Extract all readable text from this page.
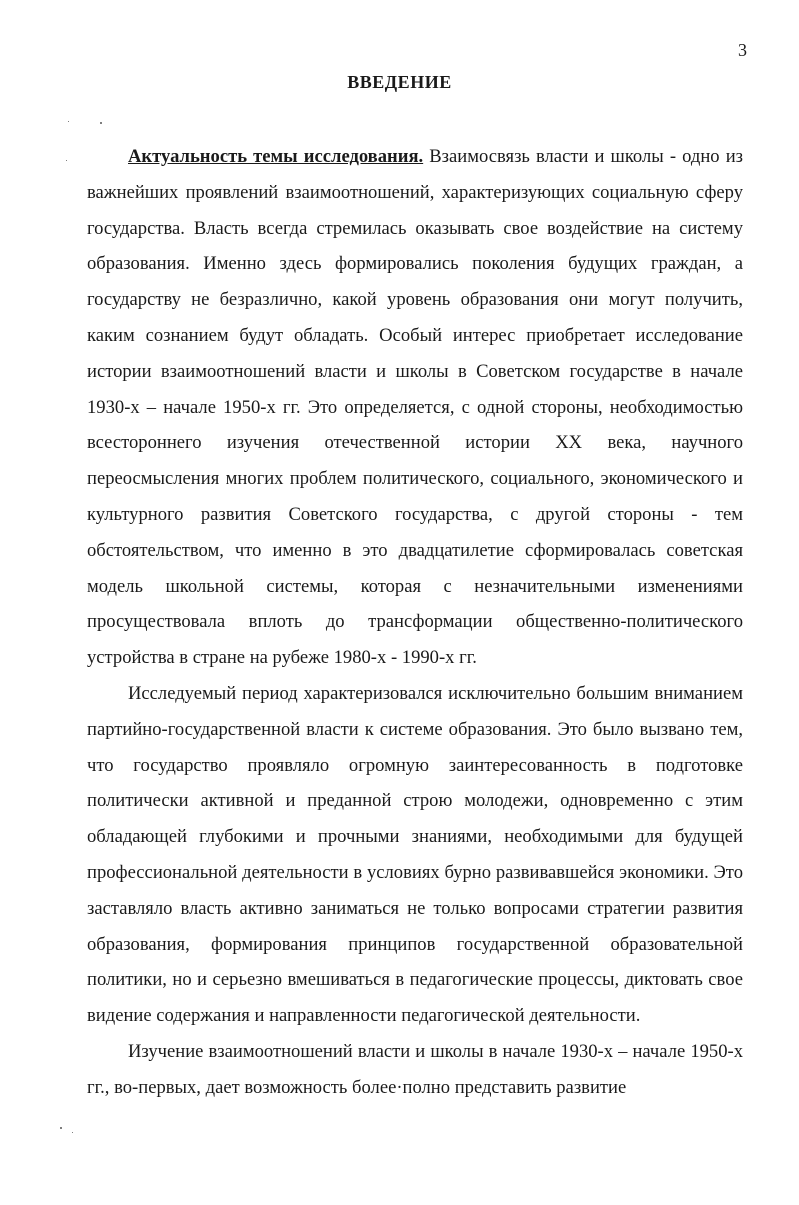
3
ВВЕДЕНИЕ

Актуальность темы исследования. Взаимосвязь власти и школы - одно из важнейших проявлений взаимоотношений, характеризующих социальную сферу государства. Власть всегда стремилась оказывать свое воздействие на систему образования. Именно здесь формировались поколения будущих граждан, а государству не безразлично, какой уровень образования они могут получить, каким сознанием будут обладать. Особый интерес приобретает исследование истории взаимоотношений власти и школы в Советском государстве в начале 1930-х – начале 1950-х гг. Это определяется, с одной стороны, необходимостью всестороннего изучения отечественной истории XX века, научного переосмысления многих проблем политического, социального, экономического и культурного развития Советского государства, с другой стороны - тем обстоятельством, что именно в это двадцатилетие сформировалась советская модель школьной системы, которая с незначительными изменениями просуществовала вплоть до трансформации общественно-политического устройства в стране на рубеже 1980-х - 1990-х гг.

Исследуемый период характеризовался исключительно большим вниманием партийно-государственной власти к системе образования. Это было вызвано тем, что государство проявляло огромную заинтересованность в подготовке политически активной и преданной строю молодежи, одновременно с этим обладающей глубокими и прочными знаниями, необходимыми для будущей профессиональной деятельности в условиях бурно развивавшейся экономики. Это заставляло власть активно заниматься не только вопросами стратегии развития образования, формирования принципов государственной образовательной политики, но и серьезно вмешиваться в педагогические процессы, диктовать свое видение содержания и направленности педагогической деятельности.

Изучение взаимоотношений власти и школы в начале 1930-х – начале 1950-х гг., во-первых, дает возможность более·полно представить развитие
